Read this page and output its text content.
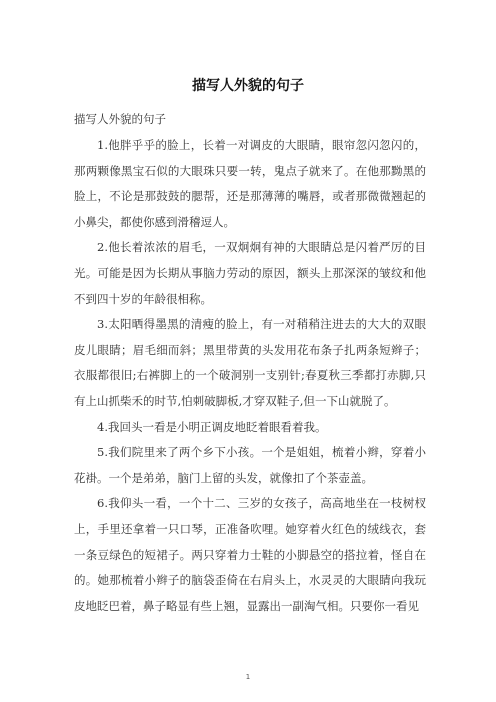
描写人外貌的句子
描写人外貌的句子

1.他胖乎乎的脸上，长着一对调皮的大眼睛，眼帘忽闪忽闪的，那两颗像黑宝石似的大眼珠只要一转，鬼点子就来了。在他那黝黑的脸上，不论是那鼓鼓的腮帮，还是那薄薄的嘴唇，或者那微微翘起的小鼻尖，都使你感到滑稽逗人。

2.他长着浓浓的眉毛，一双炯炯有神的大眼睛总是闪着严厉的目光。可能是因为长期从事脑力劳动的原因，额头上那深深的皱纹和他不到四十岁的年龄很相称。

3.太阳晒得墨黑的清瘦的脸上，有一对稍稍注进去的大大的双眼皮儿眼睛；眉毛细而斜；黑里带黄的头发用花布条子扎两条短辫子；衣服都很旧;右裤脚上的一个破洞别一支别针;春夏秋三季都打赤脚,只有上山抓柴禾的时节,怕刺破脚板,才穿双鞋子,但一下山就脱了。

4.我回头一看是小明正调皮地眨着眼看着我。

5.我们院里来了两个乡下小孩。一个是姐姐，梳着小辫，穿着小花褂。一个是弟弟，脑门上留的头发，就像扣了个茶壶盖。

6.我仰头一看，一个十二、三岁的女孩子，高高地坐在一枝树杈上，手里还拿着一只口琴，正准备吹哩。她穿着火红色的绒线衣，套一条豆绿色的短裙子。两只穿着力士鞋的小脚悬空的搭拉着，怪自在的。她那梳着小辫子的脑袋歪倚在右肩头上，水灵灵的大眼睛向我玩皮地眨巴着，鼻子略显有些上翘，显露出一副淘气相。只要你一看见

1
